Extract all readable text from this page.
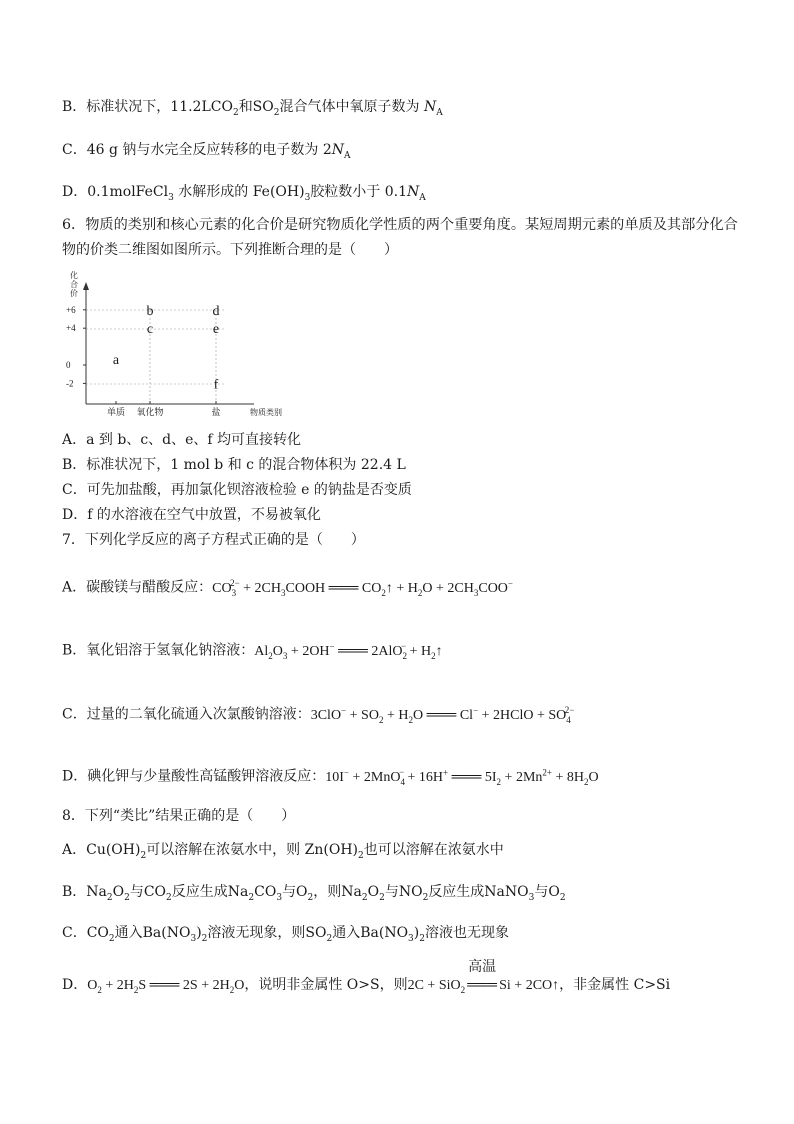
B．标准状况下，$11.2LCO_2$和$SO_2$混合气体中氧原子数为 $N_A$
C．46 g 钠与水完全反应转移的电子数为 $2N_A$
D．0.1molFeCl$_3$ 水解形成的 $Fe(OH)_3$胶粒数小于 $0.1N_A$
6．物质的类别和核心元素的化合价是研究物质化学性质的两个重要角度。某短周期元素的单质及其部分化合
物的价类二维图如图所示。下列推断合理的是（　　）
化
合
价
+6
+4
0
-2
单质 氧化物	盐
a
b
c
d
e
f
物质类别
A．a 到 b、c、d、e、f 均可直接转化
B．标准状况下，1 mol b 和 c 的混合物体积为 22.4 L
C．可先加盐酸，再加氯化钡溶液检验 e 的钠盐是否变质
D．f 的水溶液在空气中放置，不易被氧化
7．下列化学反应的离子方程式正确的是（　　）
A．碳酸镁与醋酸反应：$CO_3^{2-}$ + $2CH_3COOH$ ═══ $CO_2↑ + H_2O + 2CH_3COO^-$
B．氧化铝溶于氢氧化钠溶液：$Al_2O_3 + 2OH^-$ ═══ $2AlO_2^- + H_2↑$
C．过量的二氧化硫通入次氯酸钠溶液：$3ClO^- + SO_2 + H_2O$ ═══ Cl− + 2HClO + $SO_4^{2-}$
D．碘化钾与少量酸性高锰酸钾溶液反应：10I− + 2MnO$_4$− + 16H+ ═══ $5I_2 + 2Mn^{2+} + 8H_2O$
8．下列“类比”结果正确的是（　　）
A．$Cu(OH)_2$可以溶解在浓氨水中，则 $Zn(OH)_2$也可以溶解在浓氨水中
B．$Na_2O_2$与$CO_2$反应生成$Na_2CO_3$与$O_2$，则$Na_2O_2$与$NO_2$反应生成NaNO$_3$与$O_2$
C．$CO_2$通入$Ba(NO_3)_2$溶液无现象，则$SO_2$通入$Ba(NO_3)_2$溶液也无现象
D．$O_2 + 2H_2S$ ═══ $2S + 2H_2O$，说明非金属性 O>S，则2C + SiO$_2$
高温
═══ Si + 2CO↑，非金属性 C>Si
